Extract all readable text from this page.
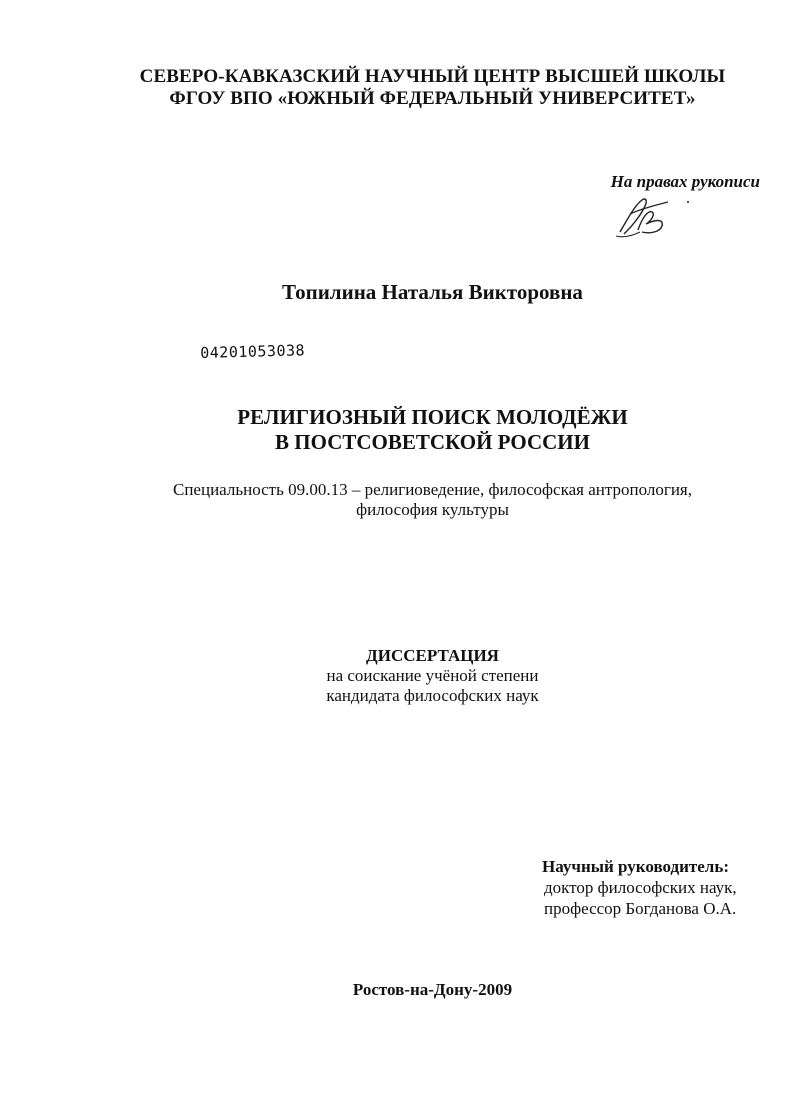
СЕВЕРО-КАВКАЗСКИЙ НАУЧНЫЙ ЦЕНТР ВЫСШЕЙ ШКОЛЫ
ФГОУ ВПО «ЮЖНЫЙ ФЕДЕРАЛЬНЫЙ УНИВЕРСИТЕТ»
На правах рукописи
Топилина Наталья Викторовна
04201053038
РЕЛИГИОЗНЫЙ ПОИСК МОЛОДЁЖИ
В ПОСТСОВЕТСКОЙ РОССИИ
Специальность 09.00.13 – религиоведение, философская антропология,
философия культуры
ДИССЕРТАЦИЯ
на соискание учёной степени
кандидата философских наук
Научный руководитель:
доктор философских наук,
профессор Богданова О.А.
Ростов-на-Дону-2009
